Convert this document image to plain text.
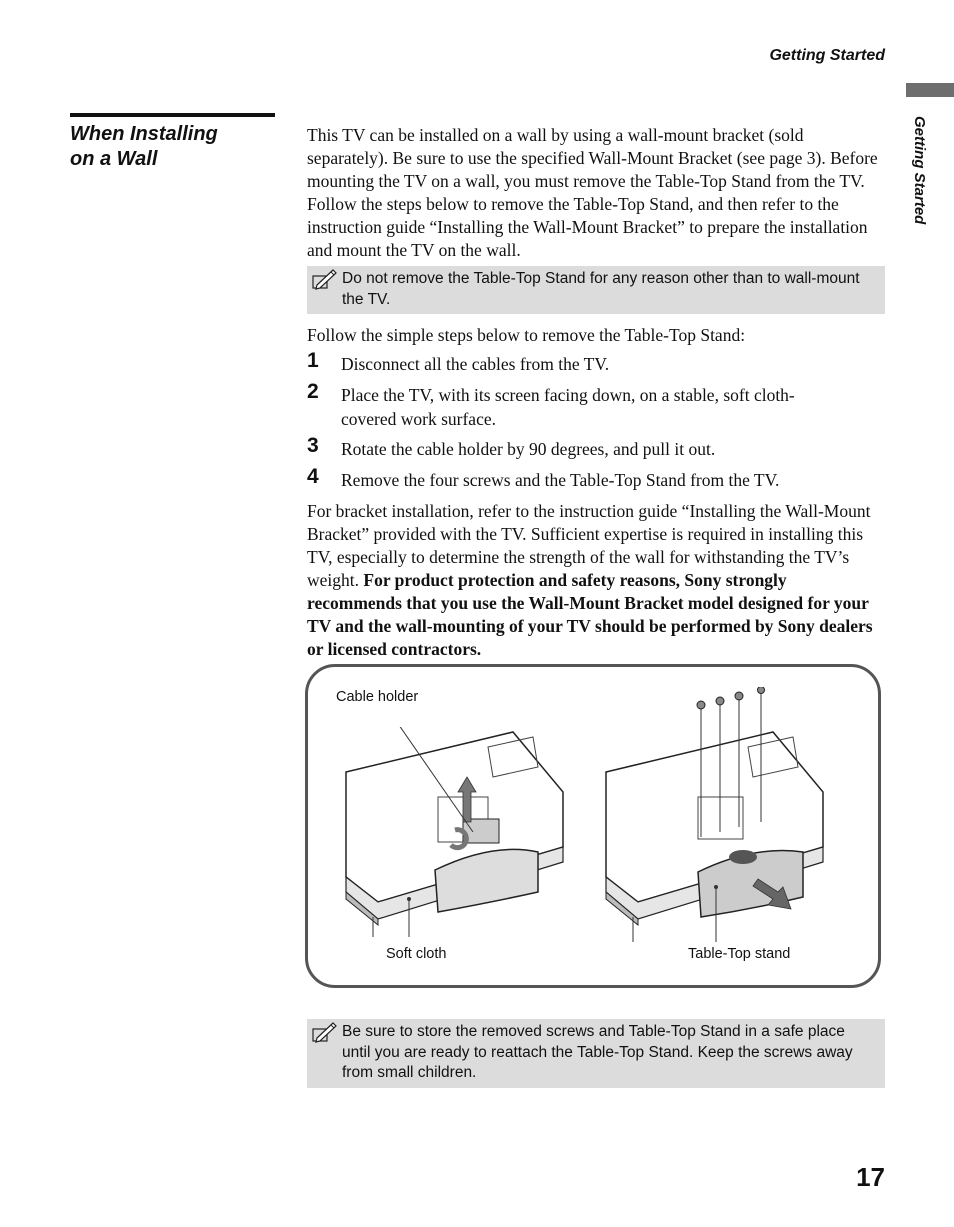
Getting Started
Getting Started
When Installing
on a Wall

This TV can be installed on a wall by using a wall-mount bracket (sold separately). Be sure to use the specified Wall-Mount Bracket (see page 3). Before mounting the TV on a wall, you must remove the Table-Top Stand from the TV. Follow the steps below to remove the Table-Top Stand, and then refer to the instruction guide “Installing the Wall-Mount Bracket” to prepare the installation and mount the TV on the wall.

Do not remove the Table-Top Stand for any reason other than to wall-mount the TV.

Follow the simple steps below to remove the Table-Top Stand:

1 Disconnect all the cables from the TV.
2 Place the TV, with its screen facing down, on a stable, soft cloth-covered work surface.
3 Rotate the cable holder by 90 degrees, and pull it out.
4 Remove the four screws and the Table-Top Stand from the TV.

For bracket installation, refer to the instruction guide “Installing the Wall-Mount Bracket” provided with the TV. Sufficient expertise is required in installing this TV, especially to determine the strength of the wall for withstanding the TV’s weight. For product protection and safety reasons, Sony strongly recommends that you use the Wall-Mount Bracket model designed for your TV and the wall-mounting of your TV should be performed by Sony dealers or licensed contractors.

Cable holder
Soft cloth	Table-Top stand
Be sure to store the removed screws and Table-Top Stand in a safe place until you are ready to reattach the Table-Top Stand. Keep the screws away from small children.
17
